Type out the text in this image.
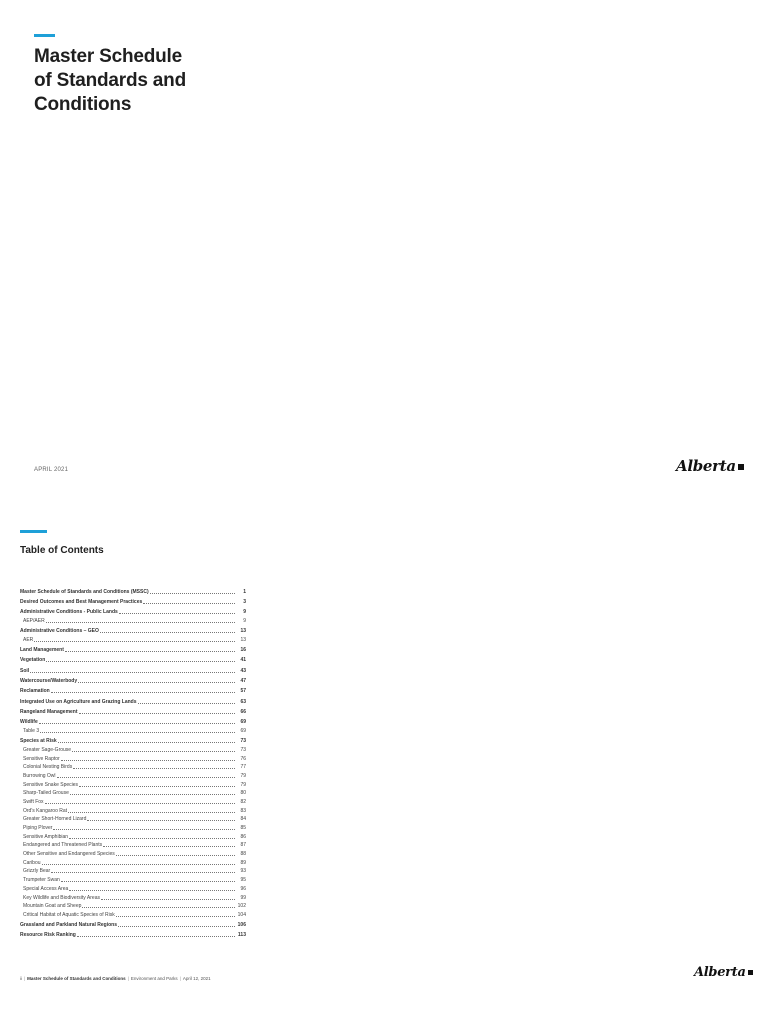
Master Schedule
of Standards and
Conditions
APRIL 2021	Alberta
Table of Contents
Master Schedule of Standards and Conditions (MSSC)	1
Desired Outcomes and Best Management Practices	3
Administrative Conditions - Public Lands	9
AEP/AER	9
Administrative Conditions – GEO	13
AER	13
Land Management	16
Vegetation	41
Soil	43
Watercourse/Waterbody	47
Reclamation	57
Integrated Use on Agriculture and Grazing Lands	63
Rangeland Management	66
Wildlife	69
Table 3	69
Species at Risk	73
Greater Sage-Grouse	73
Sensitive Raptor	76
Colonial Nesting Birds	77
Burrowing Owl	79
Sensitive Snake Species	79
Sharp-Tailed Grouse	80
Swift Fox	82
Ord's Kangaroo Rat	83
Greater Short-Horned Lizard	84
Piping Plover	85
Sensitive Amphibian	86
Endangered and Threatened Plants	87
Other Sensitive and Endangered Species	88
Caribou	89
Grizzly Bear	93
Trumpeter Swan	95
Special Access Area	96
Key Wildlife and Biodiversity Areas	99
Mountain Goat and Sheep	102
Critical Habitat of Aquatic Species of Risk	104
Grassland and Parkland Natural Regions	106
Resource Risk Ranking	113
ii | Master Schedule of Standards and Conditions | Environment and Parks | April 12, 2021	Alberta
